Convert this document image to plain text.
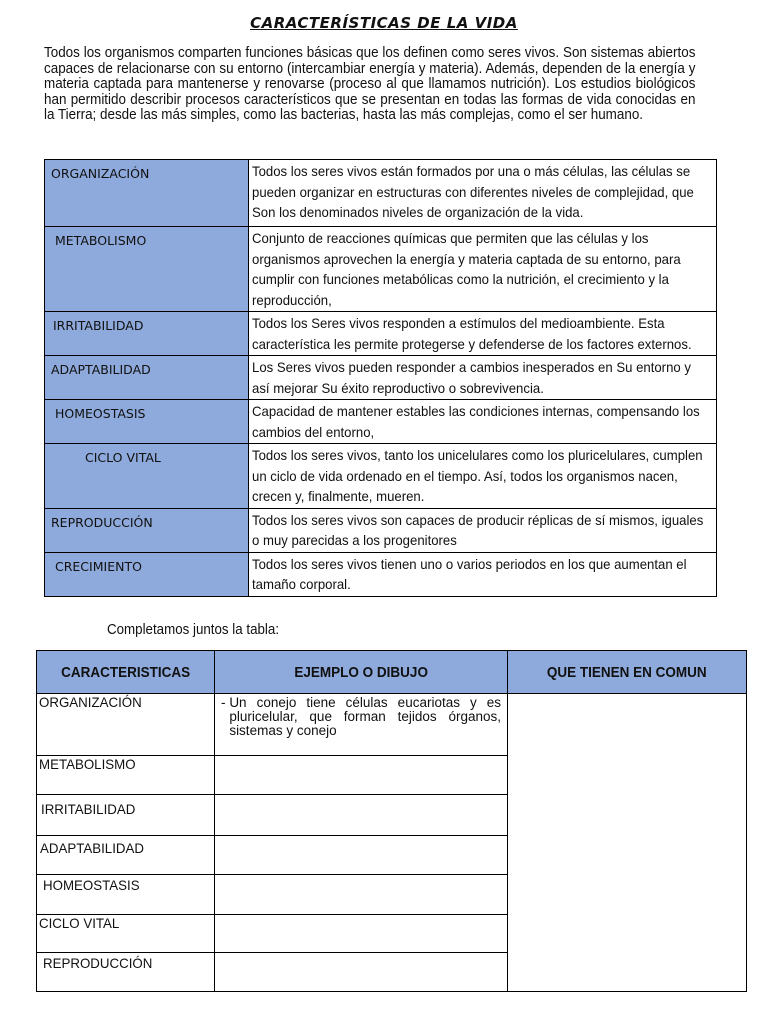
CARACTERÍSTICAS DE LA VIDA
Todos los organismos comparten funciones básicas que los definen como seres vivos. Son sistemas abiertos capaces de relacionarse con su entorno (intercambiar energía y materia). Además, dependen de la energía y materia captada para mantenerse y renovarse (proceso al que llamamos nutrición). Los estudios biológicos han permitido describir procesos característicos que se presentan en todas las formas de vida conocidas en la Tierra; desde las más simples, como las bacterias, hasta las más complejas, como el ser humano.
ORGANIZACIÓN	Todos los seres vivos están formados por una o más células, las células se pueden organizar en estructuras con diferentes niveles de complejidad, que Son los denominados niveles de organización de la vida.

METABOLISMO	Conjunto de reacciones químicas que permiten que las células y los organismos aprovechen la energía y materia captada de su entorno, para cumplir con funciones metabólicas como la nutrición, el crecimiento y la reproducción,

IRRITABILIDAD	Todos los Seres vivos responden a estímulos del medioambiente. Esta característica les permite protegerse y defenderse de los factores externos.

ADAPTABILIDAD	Los Seres vivos pueden responder a cambios inesperados en Su entorno y así mejorar Su éxito reproductivo o sobrevivencia.

HOMEOSTASIS	Capacidad de mantener estables las condiciones internas, compensando los cambios del entorno,

CICLO VITAL	Todos los seres vivos, tanto los unicelulares como los pluricelulares, cumplen un ciclo de vida ordenado en el tiempo. Así, todos los organismos nacen, crecen y, finalmente, mueren.

REPRODUCCIÓN	Todos los seres vivos son capaces de producir réplicas de sí mismos, iguales o muy parecidas a los progenitores

CRECIMIENTO	Todos los seres vivos tienen uno o varios periodos en los que aumentan el tamaño corporal.
Completamos juntos la tabla:
CARACTERISTICAS	EJEMPLO O DIBUJO	QUE TIENEN EN COMUN
ORGANIZACIÓN	- Un conejo tiene células eucariotas y es pluricelular, que forman tejidos órganos, sistemas y conejo	

METABOLISMO		
IRRITABILIDAD		
ADAPTABILIDAD		
HOMEOSTASIS		
CICLO VITAL		
REPRODUCCIÓN		
